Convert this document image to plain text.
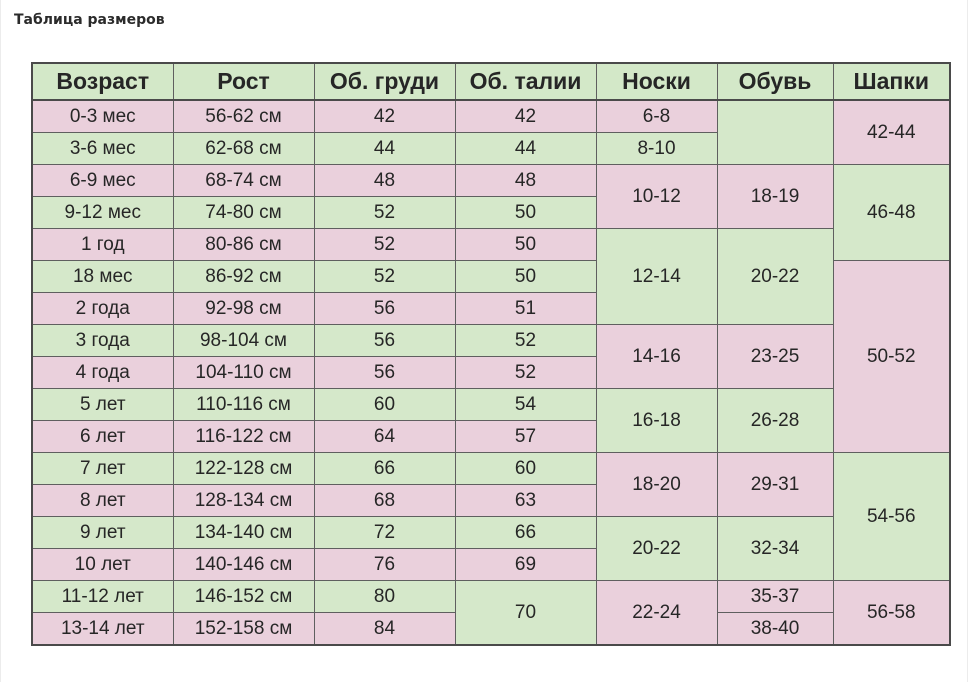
Таблица размеров
Возраст	Рост	Об. груди	Об. талии	Носки	Обувь	Шапки
0-3 мес	56-62 см	42	42	6-8		42-44
3-6 мес	62-68 см	44	44	8-10		
6-9 мес	68-74 см	48	48	10-12	18-19	46-48
9-12 мес	74-80 см	52	50			
1 год	80-86 см	52	50	12-14	20-22	
18 мес	86-92 см	52	50			50-52
2 года	92-98 см	56	51			
3 года	98-104 см	56	52	14-16	23-25	
4 года	104-110 см	56	52			
5 лет	110-116 см	60	54	16-18	26-28	
6 лет	116-122 см	64	57			
7 лет	122-128 см	66	60	18-20	29-31	54-56
8 лет	128-134 см	68	63			
9 лет	134-140 см	72	66	20-22	32-34	
10 лет	140-146 см	76	69			
11-12 лет	146-152 см	80	70	22-24	35-37	56-58
13-14 лет	152-158 см	84			38-40	
